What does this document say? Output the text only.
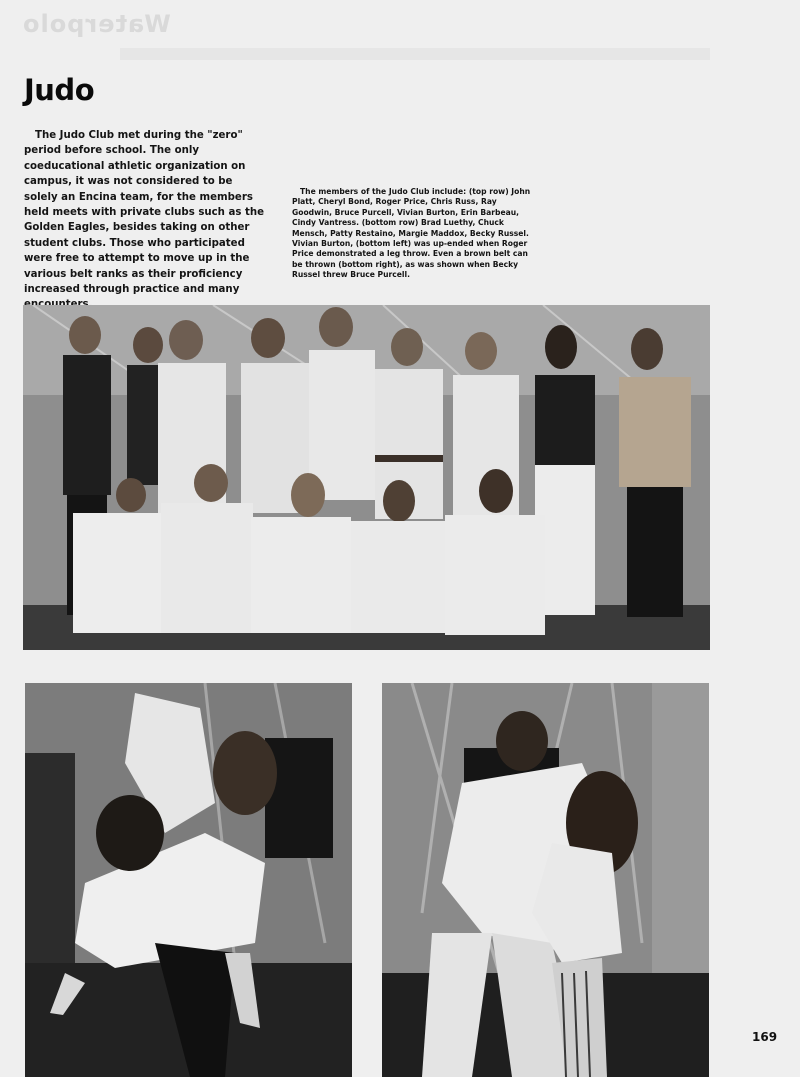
Waterpolo
Judo
The Judo Club met during the "zero" period before school. The only coeducational athletic organization on campus, it was not considered to be solely an Encina team, for the members held meets with private clubs such as the Golden Eagles, besides taking on other student clubs. Those who participated were free to attempt to move up in the various belt ranks as their proficiency increased through practice and many
The members of the Judo Club include: (top row) John Platt, Cheryl Bond, Roger Price, Chris Russ, Ray Goodwin, Bruce Purcell, Vivian Burton, Erin Barbeau, Cindy Vantress. (bottom row) Brad Luethy, Chuck Mensch, Patty Restaino, Margie Maddox, Becky Russel. Vivian Burton, (bottom left) was up-ended when Roger Price demonstrated a leg throw. Even a brown belt can be thrown (bottom right), as was shown when Becky Russel threw Bruce Purcell.
169
